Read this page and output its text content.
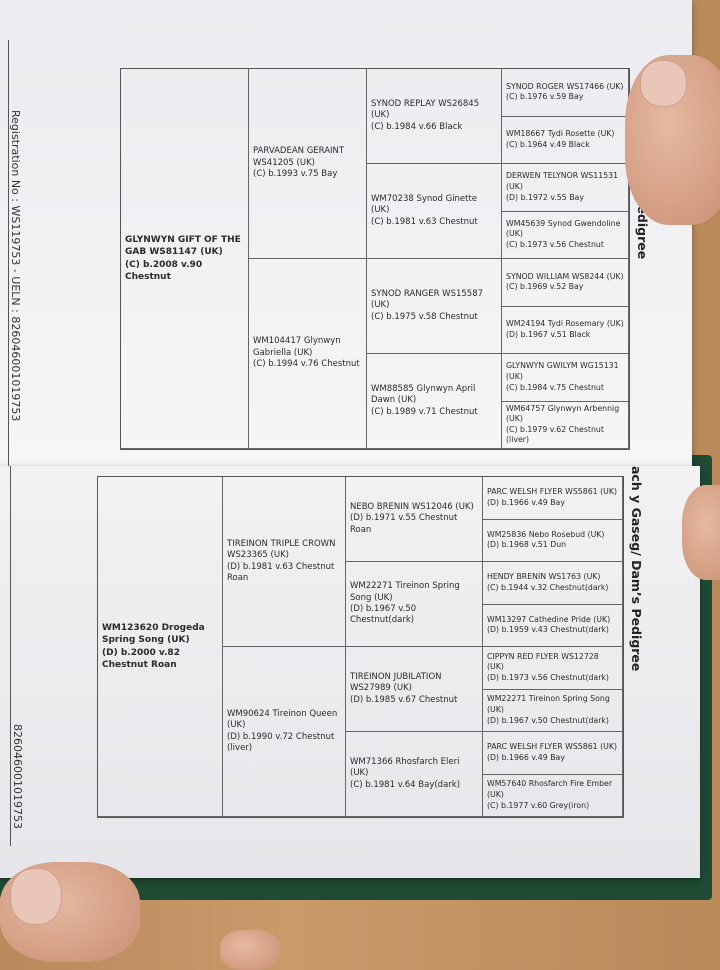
Registration No : WS119753 - UELN : 826046001019753	GLYNWYN GIFT OF THE GAB WS81147 (UK)
(C) b.2008 v.90 Chestnut
PARVADEAN GERAINT WS41205 (UK)
(C) b.1993 v.75 Bay
WM104417 Glynwyn Gabriella (UK)
(C) b.1994 v.76 Chestnut
SYNOD REPLAY WS26845 (UK)
(C) b.1984 v.66 Black
WM70238 Synod Ginette (UK)
(C) b.1981 v.63 Chestnut
SYNOD RANGER WS15587 (UK)
(C) b.1975 v.58 Chestnut
WM88585 Glynwyn April Dawn (UK)
(C) b.1989 v.71 Chestnut
SYNOD ROGER WS17466 (UK)
(C) b.1976 v.59 Bay
WM18667 Tydi Rosette (UK)
(C) b.1964 v.49 Black
DERWEN TELYNOR WS11531 (UK)
(D) b.1972 v.55 Bay
WM45639 Synod Gwendoline (UK)
(C) b.1973 v.56 Chestnut
SYNOD WILLIAM WS8244 (UK)
(C) b.1969 v.52 Bay
WM24194 Tydi Rosemary (UK)
(D) b.1967 v.51 Black
GLYNWYN GWILYM WG15131 (UK)
(C) b.1984 v.75 Chestnut
WM64757 Glynwyn Arbennig (UK)
(C) b.1979 v.62 Chestnut (liver)
826046001019753
WM123620 Drogeda Spring Song (UK)
(D) b.2000 v.82 Chestnut Roan
TIREINON TRIPLE CROWN WS23365 (UK)
(D) b.1981 v.63 Chestnut Roan
WM90624 Tireinon Queen (UK)
(D) b.1990 v.72 Chestnut (liver)
NEBO BRENIN WS12046 (UK)
(D) b.1971 v.55 Chestnut Roan
WM22271 Tireinon Spring Song (UK)
(D) b.1967 v.50 Chestnut(dark)
TIREINON JUBILATION WS27989 (UK)
(D) b.1985 v.67 Chestnut
WM71366 Rhosfarch Eleri (UK)
(C) b.1981 v.64 Bay(dark)
PARC WELSH FLYER WS5861 (UK)
(D) b.1966 v.49 Bay
WM25836 Nebo Rosebud (UK)
(D) b.1968 v.51 Dun
HENDY BRENIN WS1763 (UK)
(C) b.1944 v.32 Chestnut(dark)
WM13297 Cathedine Pride (UK)
(D) b.1959 v.43 Chestnut(dark)
CIPPYN RED FLYER WS12728 (UK)
(D) b.1973 v.56 Chestnut(dark)
WM22271 Tireinon Spring Song (UK)
(D) b.1967 v.50 Chestnut(dark)
PARC WELSH FLYER WS5861 (UK)
(D) b.1966 v.49 Bay
WM57640 Rhosfarch Fire Ember (UK)
(C) b.1977 v.60 Grey(iron)
ach y Gaseg/ Dam’s Pedigree
